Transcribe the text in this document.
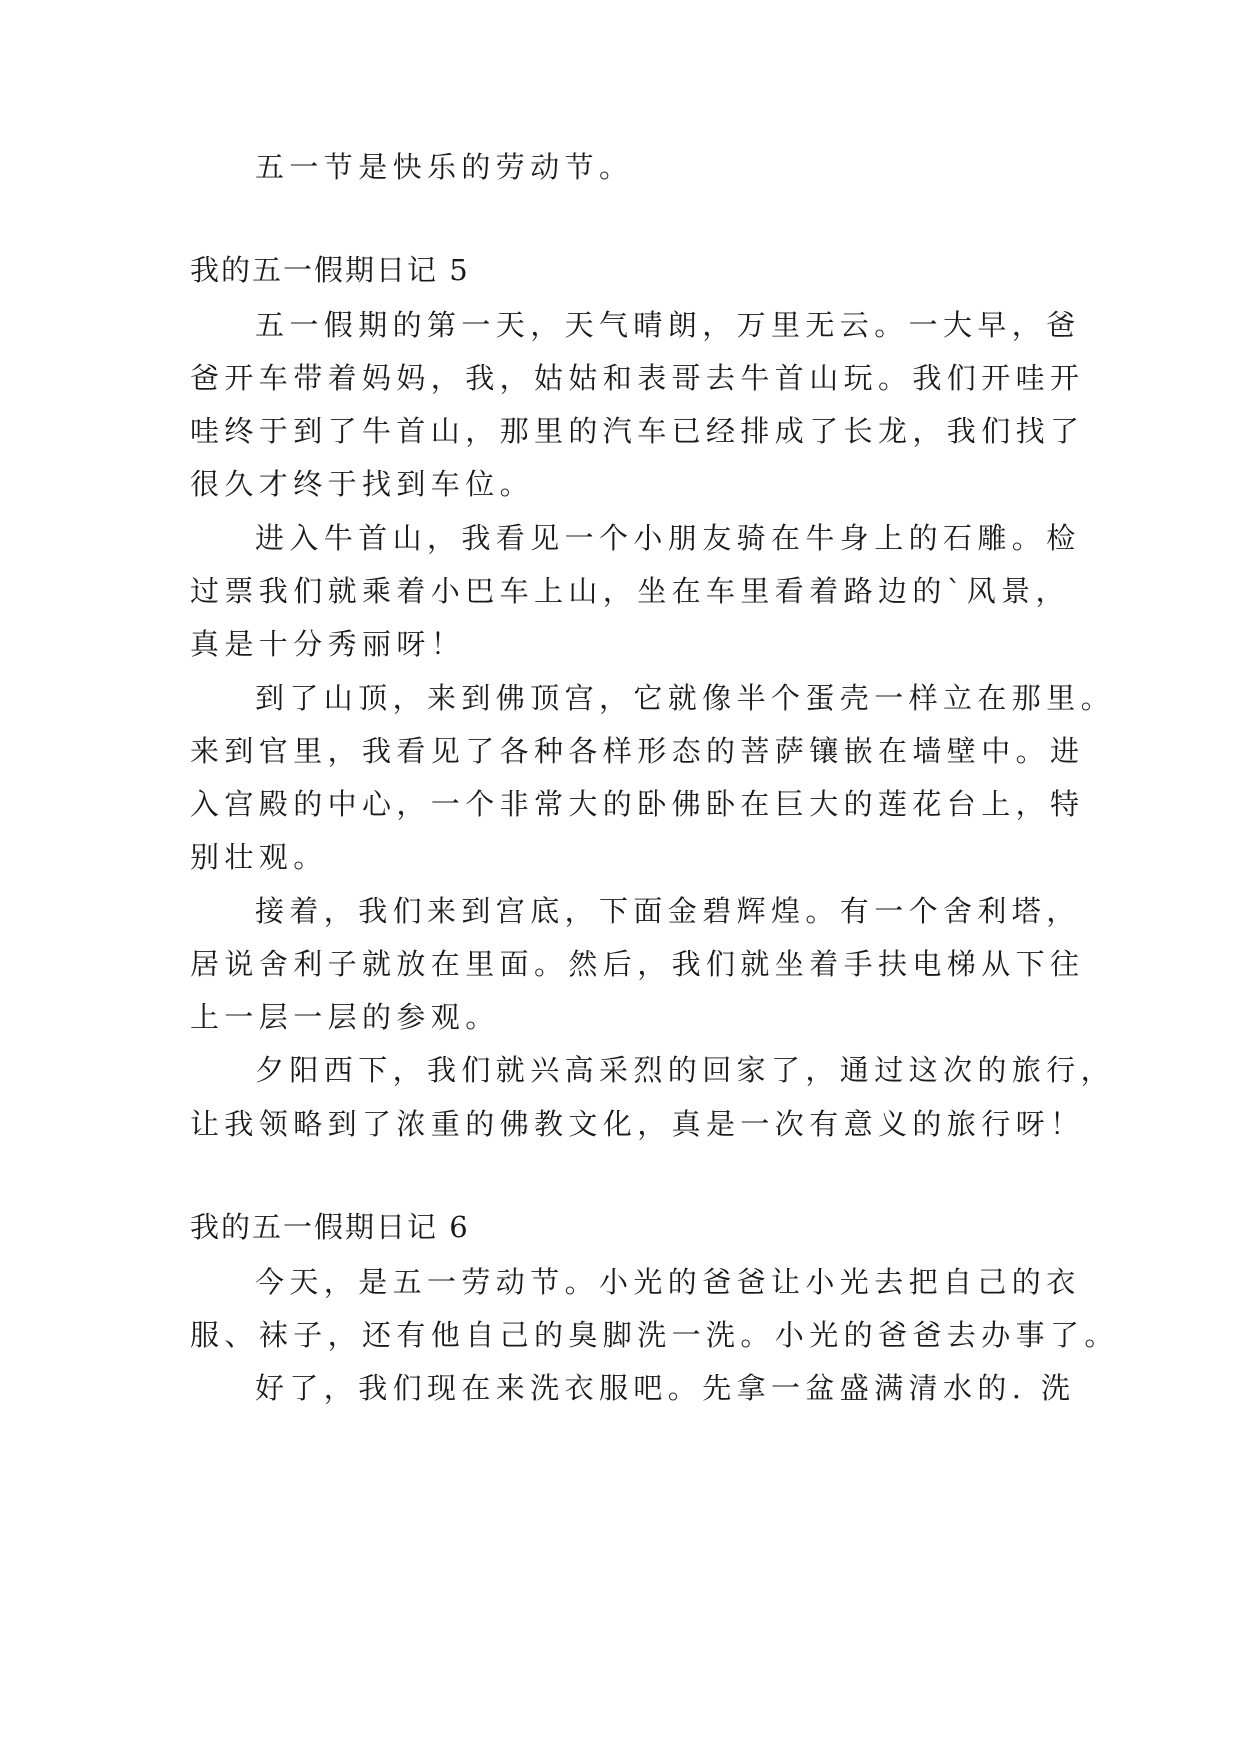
五一节是快乐的劳动节。
我的五一假期日记 5
五一假期的第一天，天气晴朗，万里无云。一大早，爸
爸开车带着妈妈，我，姑姑和表哥去牛首山玩。我们开哇开
哇终于到了牛首山，那里的汽车已经排成了长龙，我们找了
很久才终于找到车位。
进入牛首山，我看见一个小朋友骑在牛身上的石雕。检
过票我们就乘着小巴车上山，坐在车里看着路边的`风景，
真是十分秀丽呀！
到了山顶，来到佛顶宫，它就像半个蛋壳一样立在那里。
来到官里，我看见了各种各样形态的菩萨镶嵌在墙壁中。进
入宫殿的中心，一个非常大的卧佛卧在巨大的莲花台上，特
别壮观。
接着，我们来到宫底，下面金碧辉煌。有一个舍利塔，
居说舍利子就放在里面。然后，我们就坐着手扶电梯从下往
上一层一层的参观。
夕阳西下，我们就兴高采烈的回家了，通过这次的旅行，
让我领略到了浓重的佛教文化，真是一次有意义的旅行呀！
我的五一假期日记 6
今天，是五一劳动节。小光的爸爸让小光去把自己的衣
服、袜子，还有他自己的臭脚洗一洗。小光的爸爸去办事了。
好了，我们现在来洗衣服吧。先拿一盆盛满清水的. 洗
